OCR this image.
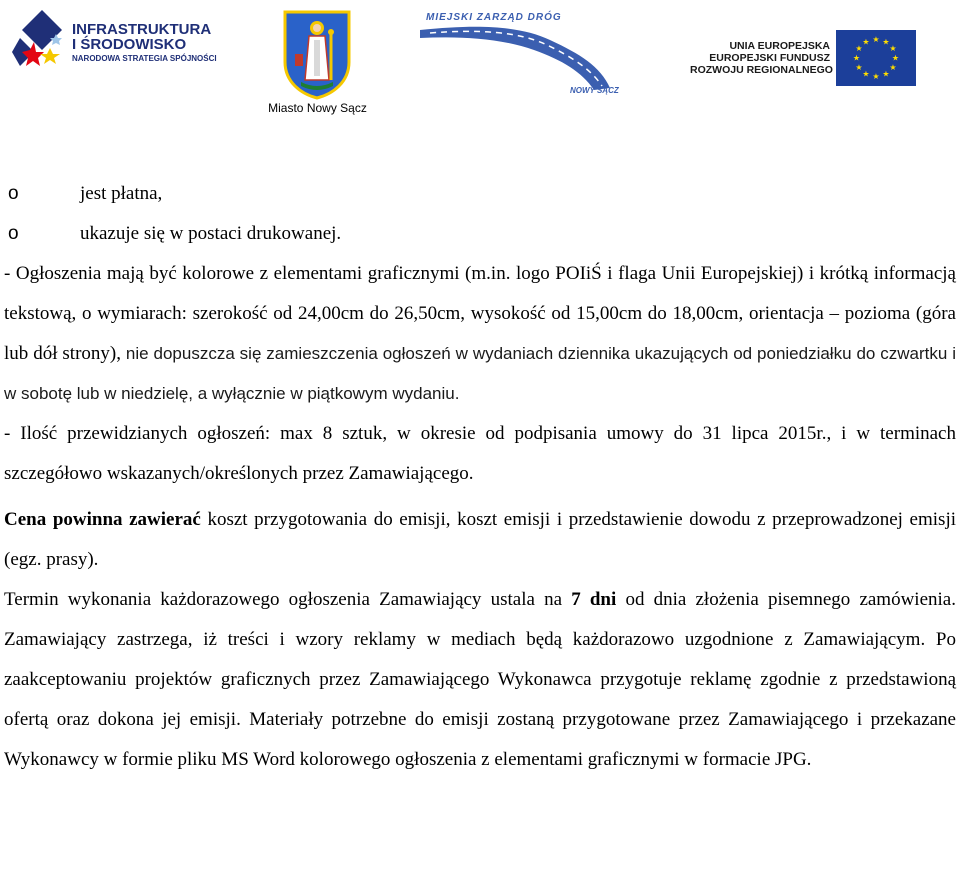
INFRASTRUKTURA
I ŚRODOWISKO
NARODOWA STRATEGIA SPÓJNOŚCI
Miasto Nowy Sącz
MIEJSKI ZARZĄD DRÓG
NOWY SĄCZ
UNIA EUROPEJSKA
EUROPEJSKI FUNDUSZ
ROZWOJU REGIONALNEGO
★ ★
★
★
★
★
★
★
★
★
★
★
o	jest płatna,
o	ukazuje się w postaci drukowanej.

- Ogłoszenia mają być kolorowe z elementami graficznymi (m.in. logo POIiŚ i flaga Unii Europejskiej) i krótką informacją tekstową, o wymiarach: szerokość od 24,00cm do 26,50cm, wysokość od 15,00cm do 18,00cm, orientacja – pozioma (góra lub dół strony), nie dopuszcza się zamieszczenia ogłoszeń w wydaniach dziennika ukazujących od poniedziałku do czwartku i w sobotę lub w niedzielę, a wyłącznie w piątkowym wydaniu.

- Ilość przewidzianych ogłoszeń: max 8 sztuk, w okresie od podpisania umowy do 31 lipca 2015r., i w terminach szczegółowo wskazanych/określonych przez Zamawiającego.

Cena powinna zawierać koszt przygotowania do emisji, koszt emisji i przedstawienie dowodu z przeprowadzonej emisji (egz. prasy).

Termin wykonania każdorazowego ogłoszenia Zamawiający ustala na 7 dni od dnia złożenia pisemnego zamówienia. Zamawiający zastrzega, iż treści i wzory reklamy w mediach będą każdorazowo uzgodnione z Zamawiającym. Po zaakceptowaniu projektów graficznych przez Zamawiającego Wykonawca przygotuje reklamę zgodnie z przedstawioną ofertą oraz dokona jej emisji. Materiały potrzebne do emisji zostaną przygotowane przez Zamawiającego i przekazane Wykonawcy w formie pliku MS Word kolorowego ogłoszenia z elementami graficznymi w formacie JPG.
